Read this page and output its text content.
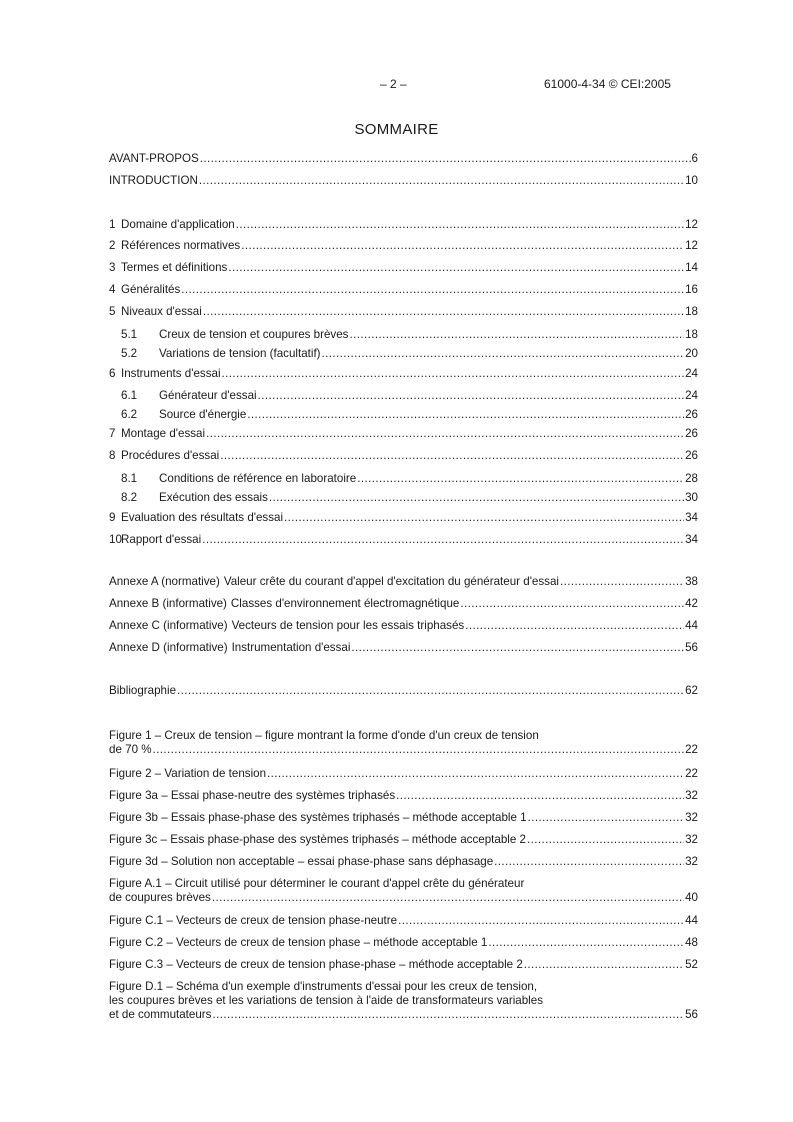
– 2 –	61000-4-34 © CEI:2005
SOMMAIRE
AVANT-PROPOS .....	6
INTRODUCTION .....	10
1 Domaine d'application .....	12
2 Références normatives .....	12
3 Termes et définitions .....	14
4 Généralités .....	16
5 Niveaux d'essai .....	18
5.1	Creux de tension et coupures brèves .....	18
5.2	Variations de tension (facultatif) .....	20
6 Instruments d'essai .....	24
6.1	Générateur d'essai .....	24
6.2	Source d'énergie .....	26
7 Montage d'essai .....	26
8 Procédures d'essai .....	26
8.1	Conditions de référence en laboratoire .....	28
8.2	Exécution des essais .....	30
9 Evaluation des résultats d'essai .....	34
10 Rapport d'essai .....	34
Annexe A (normative) Valeur crête du courant d'appel d'excitation du générateur d'essai .....	38
Annexe B (informative) Classes d'environnement électromagnétique .....	42
Annexe C (informative) Vecteurs de tension pour les essais triphasés .....	44
Annexe D (informative) Instrumentation d'essai .....	56
Bibliographie .....	62
Figure 1 – Creux de tension – figure montrant la forme d'onde d'un creux de tension
de 70 % .....	22
Figure 2 – Variation de tension .....	22
Figure 3a – Essai phase-neutre des systèmes triphasés .....	32
Figure 3b – Essais phase-phase des systèmes triphasés – méthode acceptable 1 .....	32
Figure 3c – Essais phase-phase des systèmes triphasés – méthode acceptable 2 .....	32
Figure 3d – Solution non acceptable – essai phase-phase sans déphasage .....	32
Figure A.1 – Circuit utilisé pour déterminer le courant d'appel crête du générateur
de coupures brèves .....	40
Figure C.1 – Vecteurs de creux de tension phase-neutre .....	44
Figure C.2 – Vecteurs de creux de tension phase – méthode acceptable 1 .....	48
Figure C.3 – Vecteurs de creux de tension phase-phase – méthode acceptable 2 .....	52
Figure D.1 – Schéma d'un exemple d'instruments d'essai pour les creux de tension,
les coupures brèves et les variations de tension à l'aide de transformateurs variables
et de commutateurs .....	56
